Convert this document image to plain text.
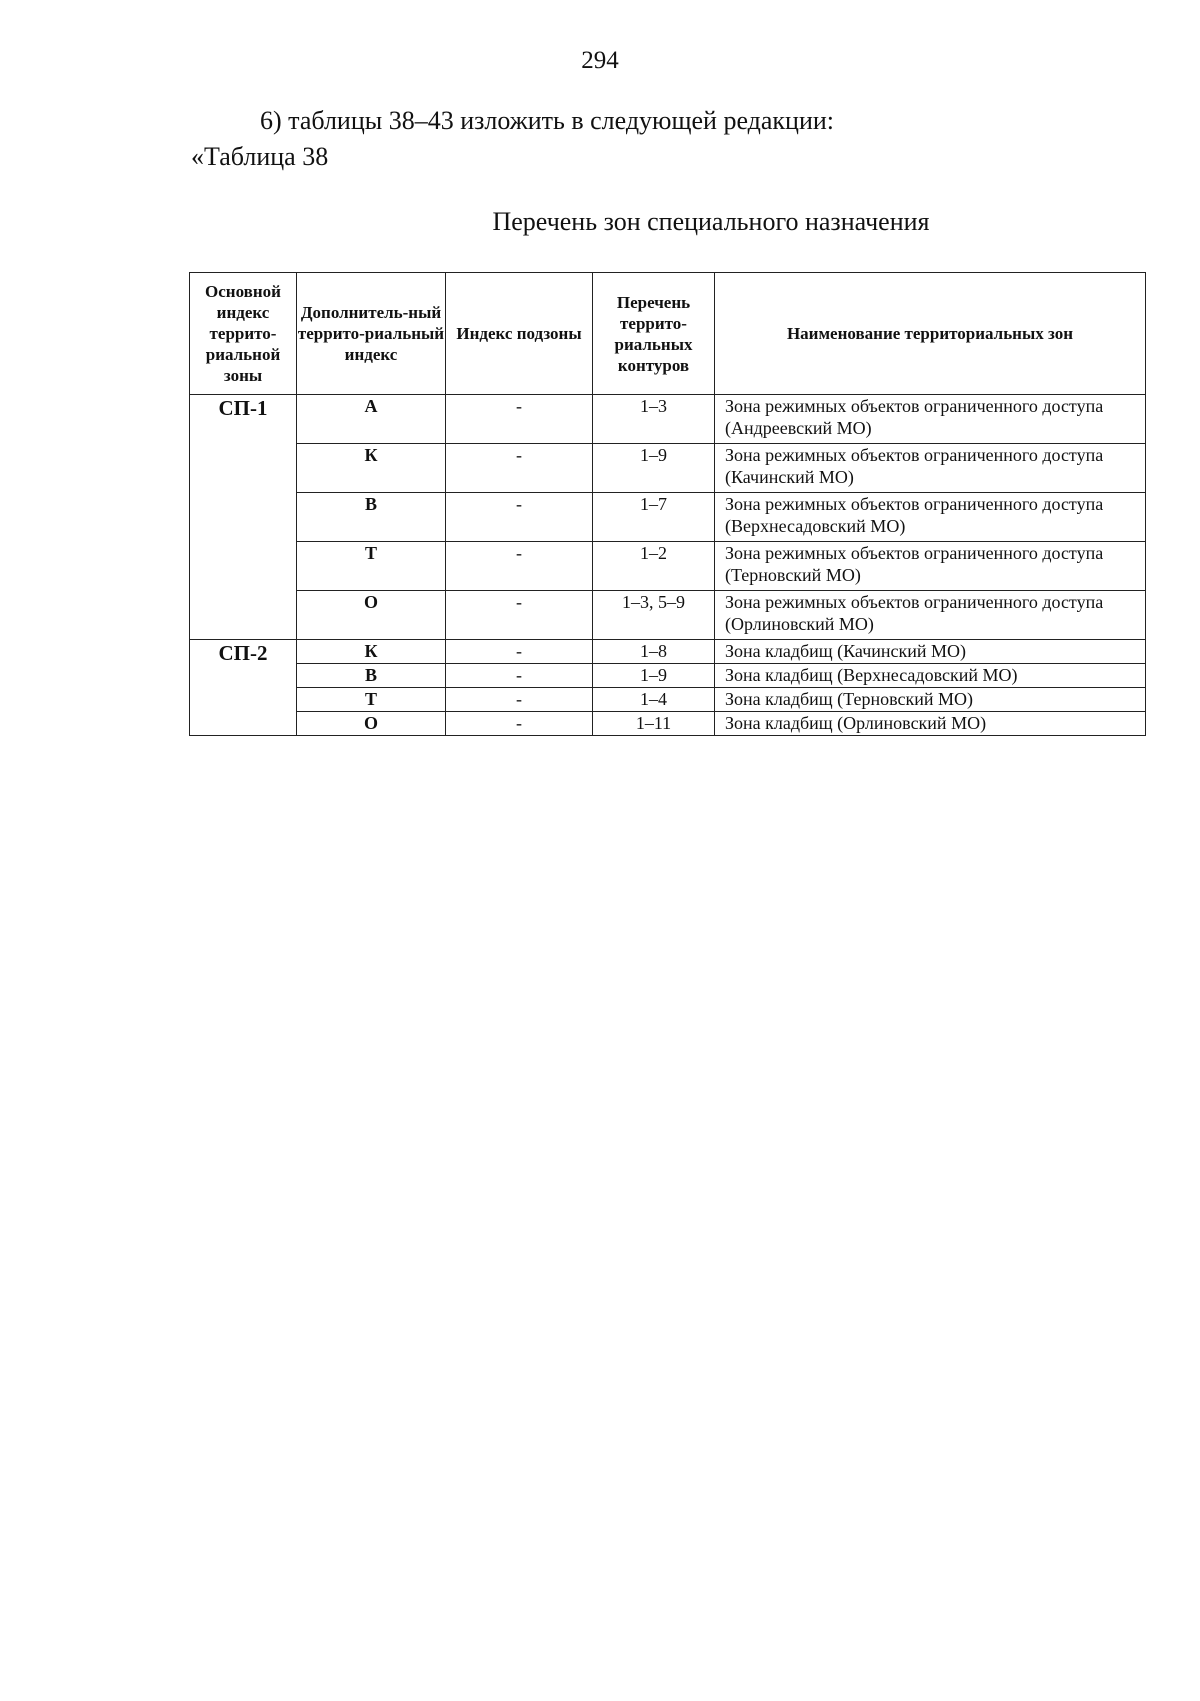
294
6) таблицы 38–43 изложить в следующей редакции:
«Таблица 38
Перечень зон специального назначения
Основной индекс террито-риальной зоны	Дополнитель-ный террито-риальный индекс	Индекс подзоны	Перечень террито-риальных контуров	Наименование территориальных зон
СП-1	А	-	1–3	Зона режимных объектов ограниченного доступа (Андреевский МО)
	К	-	1–9	Зона режимных объектов ограниченного доступа (Качинский МО)
	В	-	1–7	Зона режимных объектов ограниченного доступа (Верхнесадовский МО)
	Т	-	1–2	Зона режимных объектов ограниченного доступа (Терновский МО)
	О	-	1–3, 5–9	Зона режимных объектов ограниченного доступа (Орлиновский МО)
СП-2	К	-	1–8	Зона кладбищ (Качинский МО)
	В	-	1–9	Зона кладбищ (Верхнесадовский МО)
	Т	-	1–4	Зона кладбищ (Терновский МО)
	О	-	1–11	Зона кладбищ (Орлиновский МО)
